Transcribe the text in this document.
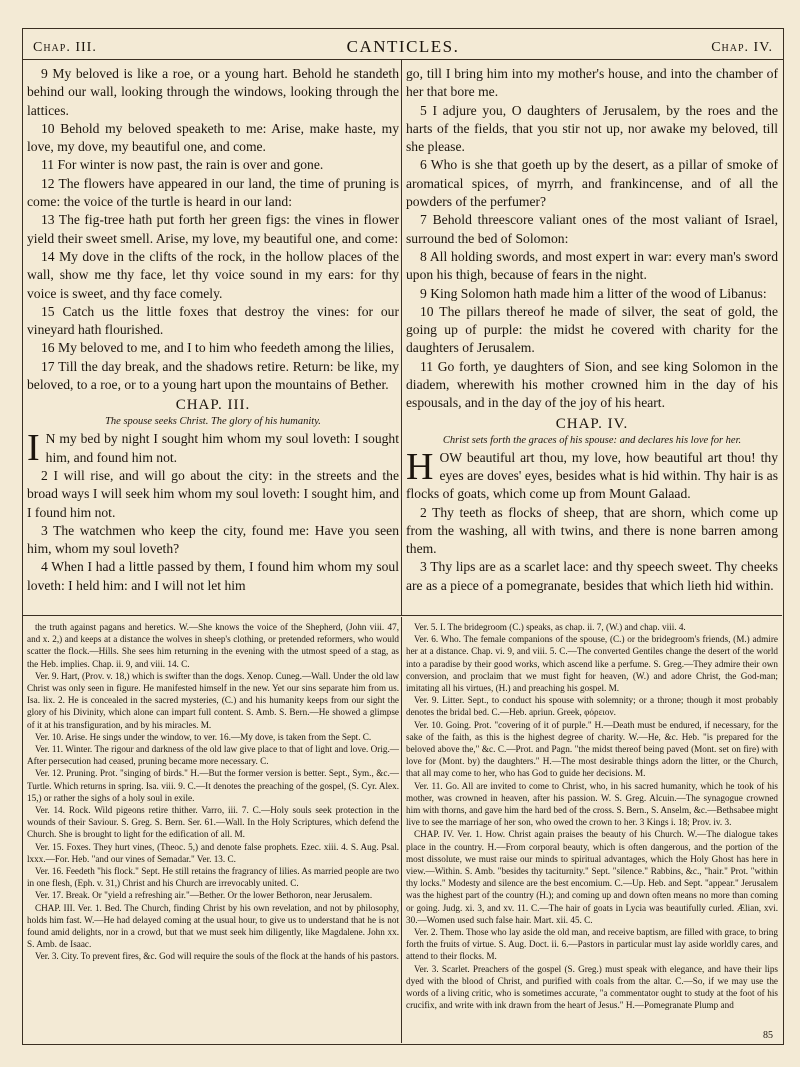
Chap. III.	CANTICLES.	Chap. IV.

9 My beloved is like a roe, or a young hart. Behold he standeth behind our wall, looking through the windows, looking through the lattices.

10 Behold my beloved speaketh to me: Arise, make haste, my love, my dove, my beautiful one, and come.

11 For winter is now past, the rain is over and gone.

12 The flowers have appeared in our land, the time of pruning is come: the voice of the turtle is heard in our land:

13 The fig-tree hath put forth her green figs: the vines in flower yield their sweet smell. Arise, my love, my beautiful one, and come:

14 My dove in the clifts of the rock, in the hollow places of the wall, show me thy face, let thy voice sound in my ears: for thy voice is sweet, and thy face comely.

15 Catch us the little foxes that destroy the vines: for our vineyard hath flourished.

16 My beloved to me, and I to him who feedeth among the lilies,

17 Till the day break, and the shadows retire. Return: be like, my beloved, to a roe, or to a young hart upon the mountains of Bether.

CHAP. III.
The spouse seeks Christ. The glory of his humanity.

I N my bed by night I sought him whom my soul loveth: I sought him, and found him not.

2 I will rise, and will go about the city: in the streets and the broad ways I will seek him whom my soul loveth: I sought him, and I found him not.

3 The watchmen who keep the city, found me: Have you seen him, whom my soul loveth?

4 When I had a little passed by them, I found him whom my soul loveth: I held him: and I will not let him

go, till I bring him into my mother's house, and into the chamber of her that bore me.

5 I adjure you, O daughters of Jerusalem, by the roes and the harts of the fields, that you stir not up, nor awake my beloved, till she please.

6 Who is she that goeth up by the desert, as a pillar of smoke of aromatical spices, of myrrh, and frankincense, and of all the powders of the perfumer?

7 Behold threescore valiant ones of the most valiant of Israel, surround the bed of Solomon:

8 All holding swords, and most expert in war: every man's sword upon his thigh, because of fears in the night.

9 King Solomon hath made him a litter of the wood of Libanus:

10 The pillars thereof he made of silver, the seat of gold, the going up of purple: the midst he covered with charity for the daughters of Jerusalem.

11 Go forth, ye daughters of Sion, and see king Solomon in the diadem, wherewith his mother crowned him in the day of his espousals, and in the day of the joy of his heart.

CHAP. IV.
Christ sets forth the graces of his spouse: and declares his love for her.

HOW beautiful art thou, my love, how beautiful art thou! thy eyes are doves' eyes, besides what is hid within. Thy hair is as flocks of goats, which come up from Mount Galaad.

2 Thy teeth as flocks of sheep, that are shorn, which come up from the washing, all with twins, and there is none barren among them.

3 Thy lips are as a scarlet lace: and thy speech sweet. Thy cheeks are as a piece of a pomegranate, besides that which lieth hid within.

the truth against pagans and heretics. W.—She knows the voice of the Shepherd, (John viii. 47, and x. 2,) and keeps at a distance the wolves in sheep's clothing, or pretended reformers, who would scatter the flock.—Hills. She sees him returning in the evening with the utmost speed of a stag, as the Heb. implies. Chap. ii. 9, and viii. 14. C.

Ver. 9. Hart, (Prov. v. 18,) which is swifter than the dogs. Xenop. Cuneg.—Wall. Under the old law Christ was only seen in figure. He manifested himself in the new. Yet our sins separate him from us. Isa. lix. 2. He is concealed in the sacred mysteries, (C.) and his humanity keeps from our sight the glory of his Divinity, which alone can impart full content. S. Amb. S. Bern.—He showed a glimpse of it at his transfiguration, and by his miracles. M.

Ver. 10. Arise. He sings under the window, to ver. 16.—My dove, is taken from the Sept. C.

Ver. 11. Winter. The rigour and darkness of the old law give place to that of light and love. Orig.—After persecution had ceased, pruning became more necessary. C.

Ver. 12. Pruning. Prot. "singing of birds." H.—But the former version is better. Sept., Sym., &c.—Turtle. Which returns in spring. Isa. viii. 9. C.—It denotes the preaching of the gospel, (S. Cyr. Alex. 15,) or rather the sighs of a holy soul in exile.

Ver. 14. Rock. Wild pigeons retire thither. Varro, iii. 7. C.—Holy souls seek protection in the wounds of their Saviour. S. Greg. S. Bern. Ser. 61.—Wall. In the Holy Scriptures, which defend the Church. She is brought to light for the edification of all. M.

Ver. 15. Foxes. They hurt vines, (Theoc. 5,) and denote false prophets. Ezec. xiii. 4. S. Aug. Psal. lxxx.—For. Heb. "and our vines of Semadar." Ver. 13. C.

Ver. 16. Feedeth "his flock." Sept. He still retains the fragrancy of lilies. As married people are two in one flesh, (Eph. v. 31,) Christ and his Church are irrevocably united. C.

Ver. 17. Break. Or "yield a refreshing air."—Bether. Or the lower Bethoron, near Jerusalem.

CHAP. III. Ver. 1. Bed. The Church, finding Christ by his own revelation, and not by philosophy, holds him fast. W.—He had delayed coming at the usual hour, to give us to understand that he is not found amid delights, nor in a crowd, but that we must seek him diligently, like Magdalene. John xx. S. Amb. de Isaac.

Ver. 3. City. To prevent fires, &c. God will require the souls of the flock at the hands of his pastors.

Ver. 5. I. The bridegroom (C.) speaks, as chap. ii. 7, (W.) and chap. viii. 4.

Ver. 6. Who. The female companions of the spouse, (C.) or the bridegroom's friends, (M.) admire her at a distance. Chap. vi. 9, and viii. 5. C.—The converted Gentiles change the desert of the world into a paradise by their good works, which ascend like a perfume. S. Greg.—They admire their own conversion, and proclaim that we must fight for heaven, (W.) and adore Christ, the God-man; imitating all his virtues, (H.) and preaching his gospel. M.

Ver. 9. Litter. Sept., to conduct his spouse with solemnity; or a throne; though it most probably denotes the bridal bed. C.—Heb. apriun. Greek, φόρειον.

Ver. 10. Going. Prot. "covering of it of purple." H.—Death must be endured, if necessary, for the sake of the faith, as this is the highest degree of charity. W.—He, &c. Heb. "is prepared for the beloved above the," &c. C.—Prot. and Pagn. "the midst thereof being paved (Mont. set on fire) with love for (Mont. by) the daughters." H.—The most desirable things adorn the litter, or the Church, that all may come to her, who has God to guide her decisions. M.

Ver. 11. Go. All are invited to come to Christ, who, in his sacred humanity, which he took of his mother, was crowned in heaven, after his passion. W. S. Greg. Alcuin.—The synagogue crowned him with thorns, and gave him the hard bed of the cross. S. Bern., S. Anselm, &c.—Bethsabee might live to see the marriage of her son, who owed the crown to her. 3 Kings i. 18; Prov. iv. 3.

CHAP. IV. Ver. 1. How. Christ again praises the beauty of his Church. W.—The dialogue takes place in the country. H.—From corporal beauty, which is often dangerous, and the portion of the most dissolute, we must raise our minds to spiritual advantages, which the Holy Ghost has here in view.—Within. S. Amb. "besides thy taciturnity." Sept. "silence." Rabbins, &c., "hair." Prot. "within thy locks." Modesty and silence are the best encomium. C.—Up. Heb. and Sept. "appear." Jerusalem was the highest part of the country (H.); and coming up and down often means no more than coming or going. Judg. xi. 3, and xv. 11. C.—The hair of goats in Lycia was beautifully curled. Ælian, xvi. 30.—Women used such false hair. Mart. xii. 45. C.

Ver. 2. Them. Those who lay aside the old man, and receive baptism, are filled with grace, to bring forth the fruits of virtue. S. Aug. Doct. ii. 6.—Pastors in particular must lay aside worldly cares, and attend to their flocks. M.

Ver. 3. Scarlet. Preachers of the gospel (S. Greg.) must speak with elegance, and have their lips dyed with the blood of Christ, and purified with coals from the altar. C.—So, if we may use the words of a living critic, who is sometimes accurate, "a commentator ought to study at the foot of his crucifix, and write with ink drawn from the heart of Jesus." H.—Pomegranate Plump and

85
